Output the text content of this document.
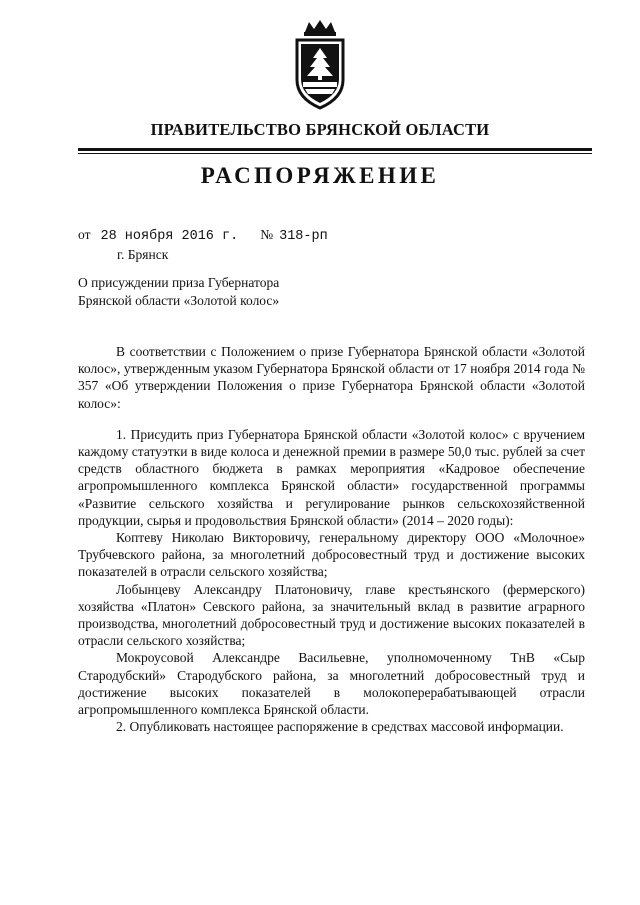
ПРАВИТЕЛЬСТВО БРЯНСКОЙ ОБЛАСТИ
РАСПОРЯЖЕНИЕ
от 28 ноября 2016 г. № 318-рп
г. Брянск
О присуждении приза Губернатора
Брянской области «Золотой колос»

В соответствии с Положением о призе Губернатора Брянской области «Золотой колос», утвержденным указом Губернатора Брянской области от 17 ноября 2014 года № 357 «Об утверждении Положения о призе Губернатора Брянской области «Золотой колос»:

1. Присудить приз Губернатора Брянской области «Золотой колос» с вручением каждому статуэтки в виде колоса и денежной премии в размере 50,0 тыс. рублей за счет средств областного бюджета в рамках мероприятия «Кадровое обеспечение агропромышленного комплекса Брянской области» государственной программы «Развитие сельского хозяйства и регулирование рынков сельскохозяйственной продукции, сырья и продовольствия Брянской области» (2014 – 2020 годы):

Коптеву Николаю Викторовичу, генеральному директору ООО «Молочное» Трубчевского района, за многолетний добросовестный труд и достижение высоких показателей в отрасли сельского хозяйства;

Лобынцеву Александру Платоновичу, главе крестьянского (фермерского) хозяйства «Платон» Севского района, за значительный вклад в развитие аграрного производства, многолетний добросовестный труд и достижение высоких показателей в отрасли сельского хозяйства;

Мокроусовой Александре Васильевне, уполномоченному ТнВ «Сыр Стародубский» Стародубского района, за многолетний добросовестный труд и достижение высоких показателей в молокоперерабатывающей отрасли агропромышленного комплекса Брянской области.

2. Опубликовать настоящее распоряжение в средствах массовой информации.
